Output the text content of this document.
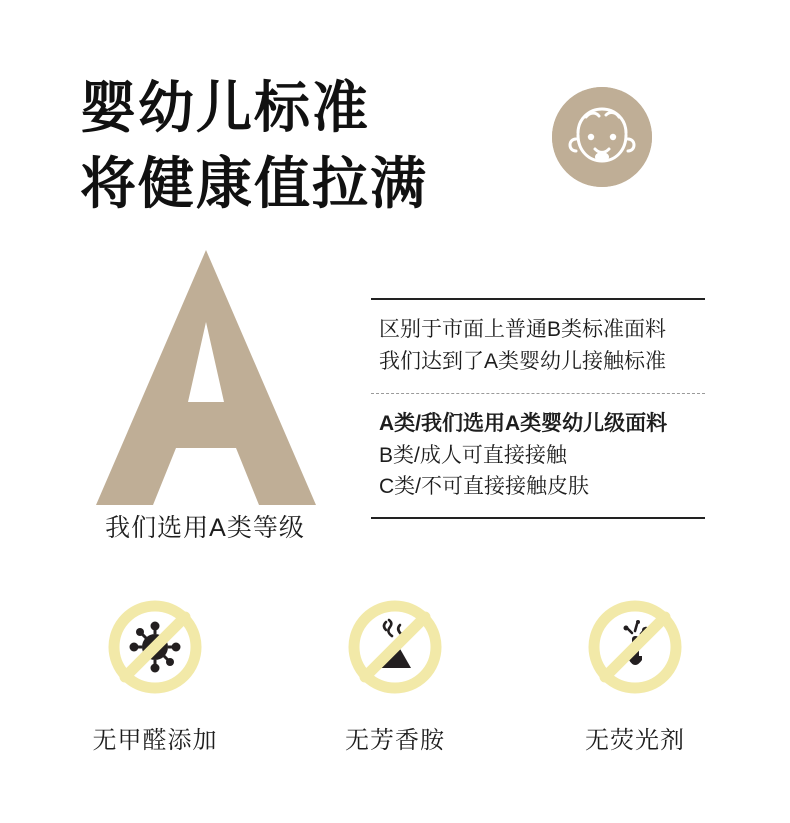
婴幼儿标准
将健康值拉满
我们选用A类等级
区别于市面上普通B类标准面料
我们达到了A类婴幼儿接触标准
A类/我们选用A类婴幼儿级面料
B类/成人可直接接触
C类/不可直接接触皮肤
无甲醛添加	无芳香胺	无荧光剂
